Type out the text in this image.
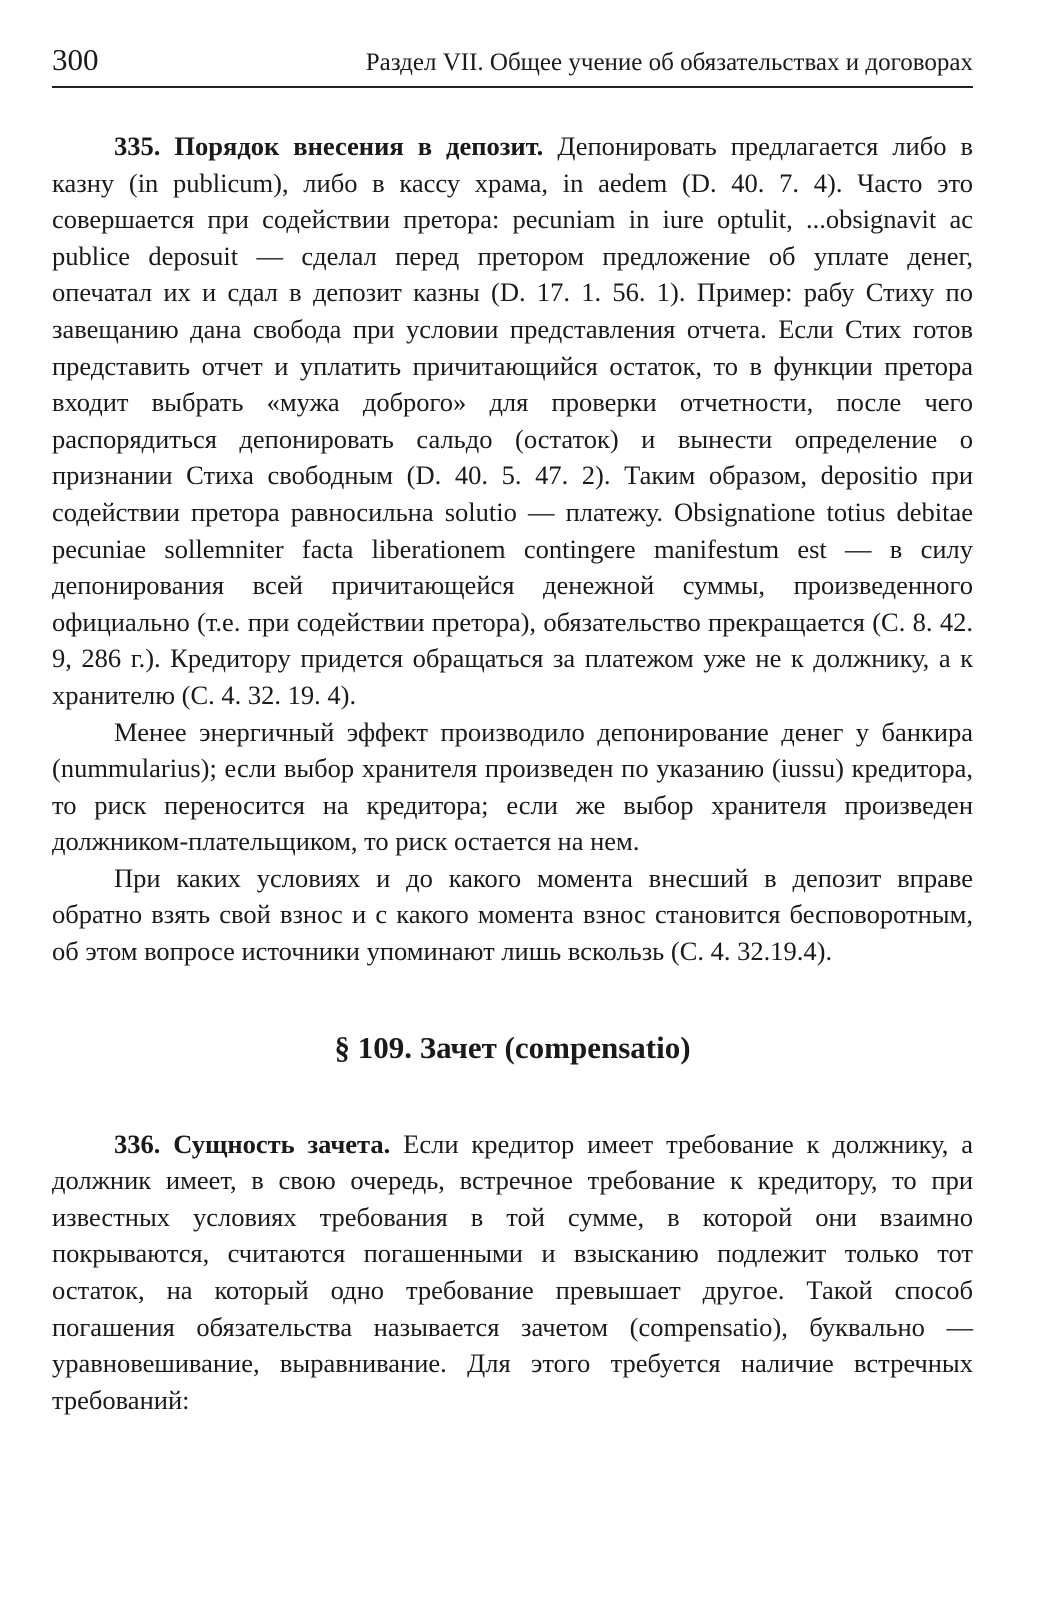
300	Раздел VII. Общее учение об обязательствах и договорах

335. Порядок внесения в депозит. Депонировать предлагается либо в казну (in publicum), либо в кассу храма, in aedem (D. 40. 7. 4). Часто это совершается при содействии претора: pecuniam in iure optulit, ...obsignavit ac publice deposuit — сделал перед претором предложение об уплате денег, опечатал их и сдал в депозит казны (D. 17. 1. 56. 1). Пример: рабу Стиху по завещанию дана свобода при условии представления отчета. Если Стих готов представить отчет и уплатить причитающийся остаток, то в функции претора входит выбрать «мужа доброго» для проверки отчетности, после чего распорядиться депонировать сальдо (остаток) и вынести определение о признании Стиха свободным (D. 40. 5. 47. 2). Таким образом, depositio при содействии претора равносильна solutio — платежу. Obsignatione totius debitae pecuniae sollemniter facta liberationem contingere manifestum est — в силу депонирования всей причитающейся денежной суммы, произведенного официально (т.е. при содействии претора), обязательство прекращается (С. 8. 42. 9, 286 г.). Кредитору придется обращаться за платежом уже не к должнику, а к хранителю (С. 4. 32. 19. 4).

Менее энергичный эффект производило депонирование денег у банкира (nummularius); если выбор хранителя произведен по указанию (iussu) кредитора, то риск переносится на кредитора; если же выбор хранителя произведен должником-плательщиком, то риск остается на нем.

При каких условиях и до какого момента внесший в депозит вправе обратно взять свой взнос и с какого момента взнос становится бесповоротным, об этом вопросе источники упоминают лишь вскользь (С. 4. 32.19.4).

§ 109. Зачет (compensatio)

336. Сущность зачета. Если кредитор имеет требование к должнику, а должник имеет, в свою очередь, встречное требование к кредитору, то при известных условиях требования в той сумме, в которой они взаимно покрываются, считаются погашенными и взысканию подлежит только тот остаток, на который одно требование превышает другое. Такой способ погашения обязательства называется зачетом (compensatio), буквально — уравновешивание, выравнивание. Для этого требуется наличие встречных требований:
